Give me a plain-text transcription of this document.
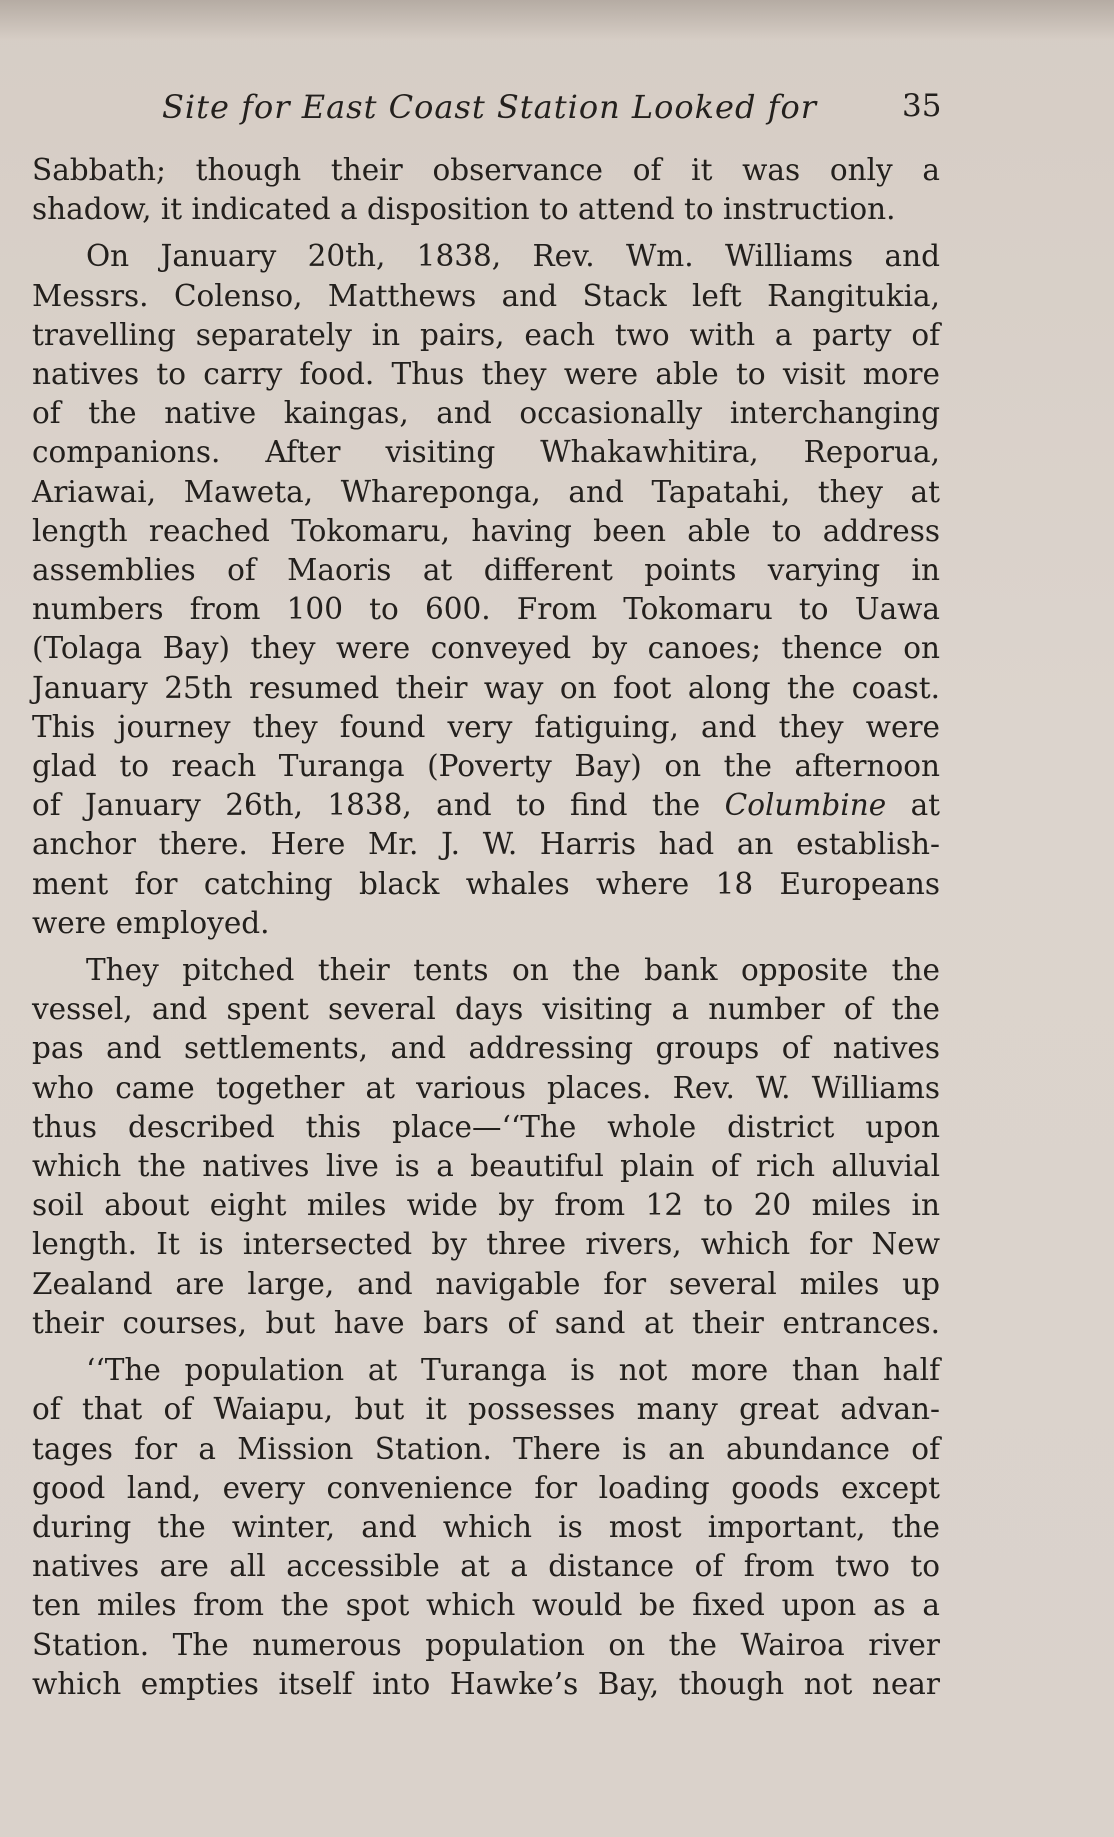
Site for East Coast Station Looked for	35
Sabbath; though their observance of it was only a
shadow, it indicated a disposition to attend to instruction.
On January 20th, 1838, Rev. Wm. Williams and
Messrs. Colenso, Matthews and Stack left Rangitukia,
travelling separately in pairs, each two with a party of
natives to carry food. Thus they were able to visit more
of the native kaingas, and occasionally interchanging
companions. After visiting Whakawhitira, Reporua,
Ariawai, Maweta, Whareponga, and Tapatahi, they at
length reached Tokomaru, having been able to address
assemblies of Maoris at different points varying in
numbers from 100 to 600. From Tokomaru to Uawa
(Tolaga Bay) they were conveyed by canoes; thence on
January 25th resumed their way on foot along the coast.
This journey they found very fatiguing, and they were
glad to reach Turanga (Poverty Bay) on the afternoon
of January 26th, 1838, and to find the Columbine at
anchor there. Here Mr. J. W. Harris had an establish-
ment for catching black whales where 18 Europeans
were employed.
They pitched their tents on the bank opposite the
vessel, and spent several days visiting a number of the
pas and settlements, and addressing groups of natives
who came together at various places. Rev. W. Williams
thus described this place—‘‘The whole district upon
which the natives live is a beautiful plain of rich alluvial
soil about eight miles wide by from 12 to 20 miles in
length. It is intersected by three rivers, which for New
Zealand are large, and navigable for several miles up
their courses, but have bars of sand at their entrances.
‘‘The population at Turanga is not more than half
of that of Waiapu, but it possesses many great advan-
tages for a Mission Station. There is an abundance of
good land, every convenience for loading goods except
during the winter, and which is most important, the
natives are all accessible at a distance of from two to
ten miles from the spot which would be fixed upon as a
Station. The numerous population on the Wairoa river
which empties itself into Hawke’s Bay, though not near
